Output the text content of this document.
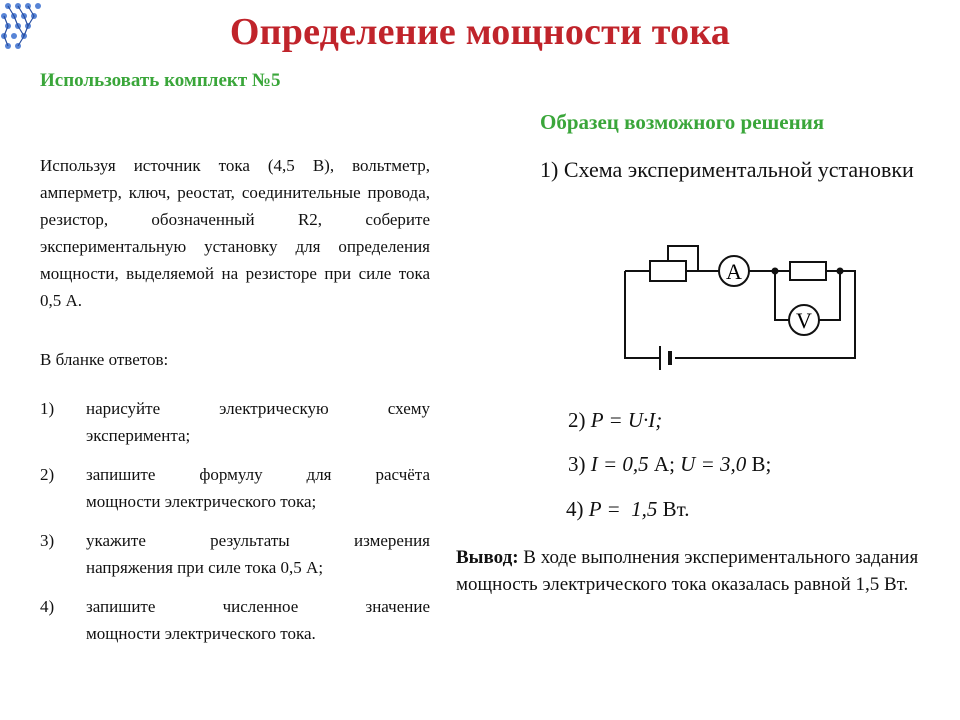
Определение мощности тока
Использовать комплект №5

Используя источник тока (4,5 В), вольтметр, амперметр, ключ, реостат, соединительные провода, резистор, обозначенный R2, соберите экспериментальную установку для определения мощности, выделяемой на резисторе при силе тока 0,5 А.

В бланке ответов:
1) нарисуйте электрическую схему
эксперимента;
2) запишите формулу для расчёта
мощности электрического тока;
3) укажите результаты измерения
напряжения при силе тока 0,5 А;
4) запишите численное значение
мощности электрического тока.
Образец возможного решения
1) Схема экспериментальной установки
A
V
2) P = U·I;
3) I = 0,5 А; U = 3,0 В;
4) P =  1,5 Вт.
Вывод: В ходе выполнения экспериментального задания мощность электрического тока оказалась равной 1,5 Вт.
